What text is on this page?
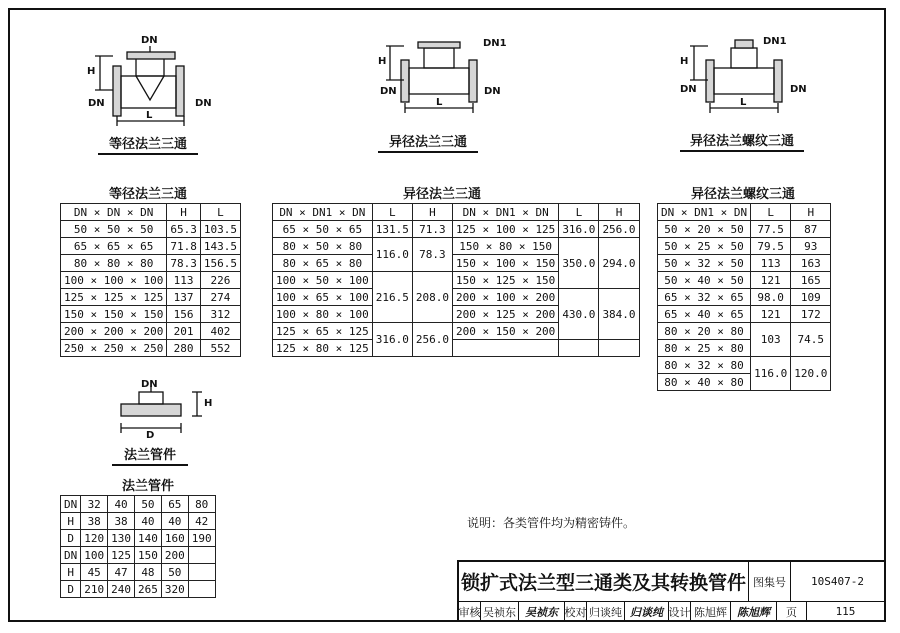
DN
DN	DN
H
L
等径法兰三通
DN1
DN	DN
H
L
异径法兰三通
DN1
DN	DN
H
L
异径法兰螺纹三通
DN
H
D
法兰管件
等径法兰三通
DN × DN × DN	H	L
50 × 50 × 50	65.3	103.5
65 × 65 × 65	71.8	143.5
80 × 80 × 80	78.3	156.5
100 × 100 × 100	113	226
125 × 125 × 125	137	274
150 × 150 × 150	156	312
200 × 200 × 200	201	402
250 × 250 × 250	280	552
异径法兰三通
DN × DN1 × DN	L	H	DN × DN1 × DN	L	H
65 × 50 × 65	131.5	71.3	125 × 100 × 125	316.0	256.0
80 × 50 × 80	116.0	78.3	150 × 80 × 150	350.0	294.0
80 × 65 × 80			150 × 100 × 150		
100 × 50 × 100	216.5	208.0	150 × 125 × 150		
100 × 65 × 100			200 × 100 × 200	430.0	384.0
100 × 80 × 100			200 × 125 × 200		
125 × 65 × 125	316.0	256.0	200 × 150 × 200		
125 × 80 × 125					
异径法兰螺纹三通
DN × DN1 × DN	L	H
50 × 20 × 50	77.5	87
50 × 25 × 50	79.5	93
50 × 32 × 50	113	163
50 × 40 × 50	121	165
65 × 32 × 65	98.0	109
65 × 40 × 65	121	172
80 × 20 × 80	103	74.5
80 × 25 × 80		
80 × 32 × 80	116.0	120.0
80 × 40 × 80		
法兰管件
DN	32	40	50	65	80
H	38	38	40	40	42
D	120	130	140	160	190
DN	100	125	150	200	
H	45	47	48	50	
D	210	240	265	320	
说明：各类管件均为精密铸件。
锁扩式法兰型三通类及其转换管件 图集号	10S407-2
审核 吴祯东 吴祯东 校对 归谈纯 归谈纯 设计 陈旭辉 陈旭辉	页	115
